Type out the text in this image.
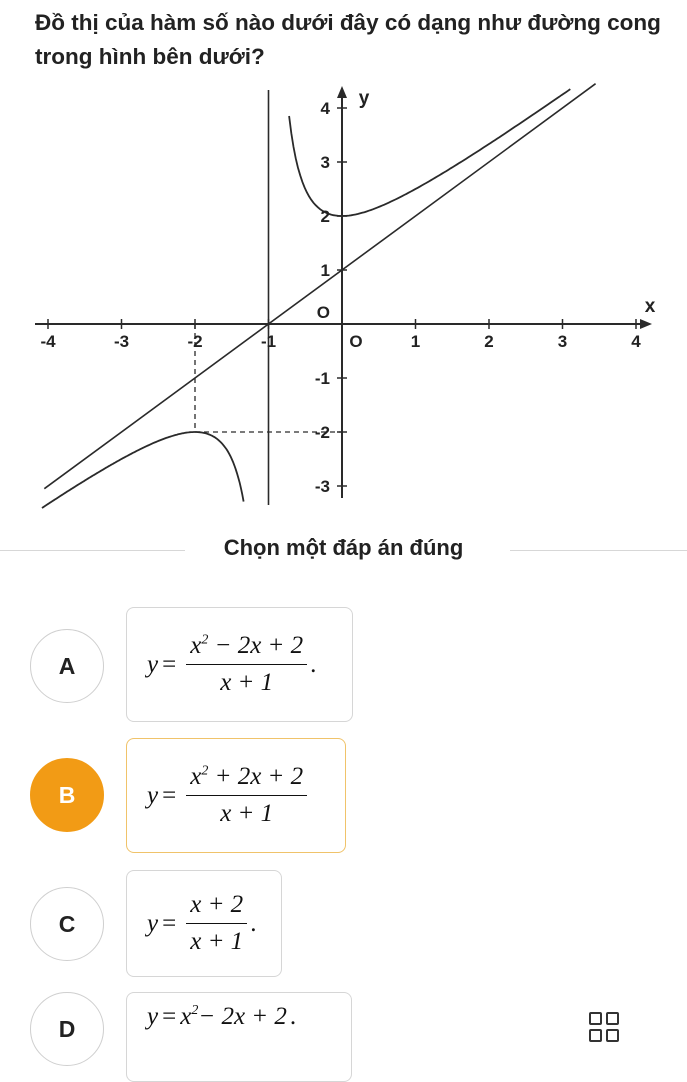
Đồ thị của hàm số nào dưới đây có dạng như đường cong trong hình bên dưới?
-4	-3	-2	-1	O	1	2	3	4
4
3
2
1
O
-1
-2
-3
x
y
Chọn một đáp án đúng
A	$y = \frac{x^2 - 2x + 2}{x + 1}$ .
B	$y = \frac{x^2 + 2x + 2}{x + 1}$
C	$y = \frac{x + 2}{x + 1}$ .
D	$y = x^2 - 2x + 2$ .
